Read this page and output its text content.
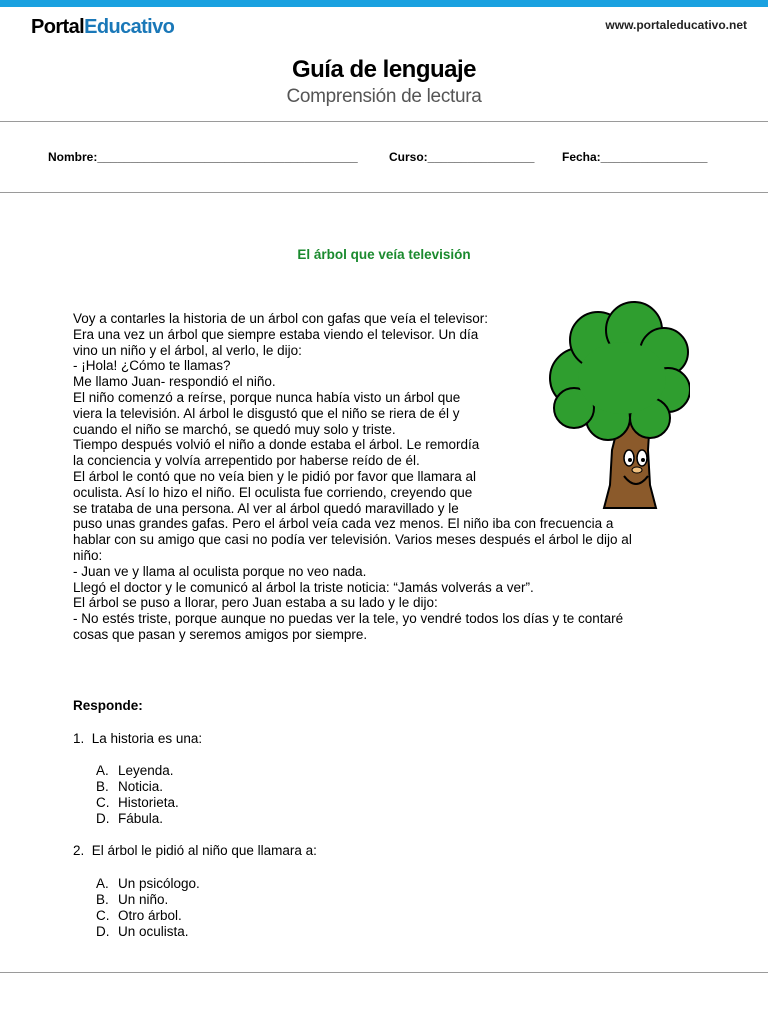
PortalEducativo	www.portaleducativo.net
Guía de lenguaje
Comprensión de lectura
Nombre:_______________________________________	Curso:________________ Fecha:________________
El árbol que veía televisión
Voy a contarles la historia de un árbol con gafas que veía el televisor:
Era una vez un árbol que siempre estaba viendo el televisor. Un día
vino un niño y el árbol, al verlo, le dijo:
- ¡Hola! ¿Cómo te llamas?
Me llamo Juan- respondió el niño.
El niño comenzó a reírse, porque nunca había visto un árbol que
viera la televisión. Al árbol le disgustó que el niño se riera de él y
cuando el niño se marchó, se quedó muy solo y triste.
Tiempo después volvió el niño a donde estaba el árbol. Le remordía
la conciencia y volvía arrepentido por haberse reído de él.
El árbol le contó que no veía bien y le pidió por favor que llamara al
oculista. Así lo hizo el niño. El oculista fue corriendo, creyendo que
se trataba de una persona. Al ver al árbol quedó maravillado y le
puso unas grandes gafas. Pero el árbol veía cada vez menos. El niño iba con frecuencia a
hablar con su amigo que casi no podía ver televisión. Varios meses después el árbol le dijo al
niño:
- Juan ve y llama al oculista porque no veo nada.
Llegó el doctor y le comunicó al árbol la triste noticia: “Jamás volverás a ver”.
El árbol se puso a llorar, pero Juan estaba a su lado y le dijo:
- No estés triste, porque aunque no puedas ver la tele, yo vendré todos los días y te contaré
cosas que pasan y seremos amigos por siempre.
Responde:
1. La historia es una:
A. Leyenda.
B. Noticia.
C. Historieta.
D. Fábula.
2. El árbol le pidió al niño que llamara a:
A. Un psicólogo.
B. Un niño.
C. Otro árbol.
D. Un oculista.
